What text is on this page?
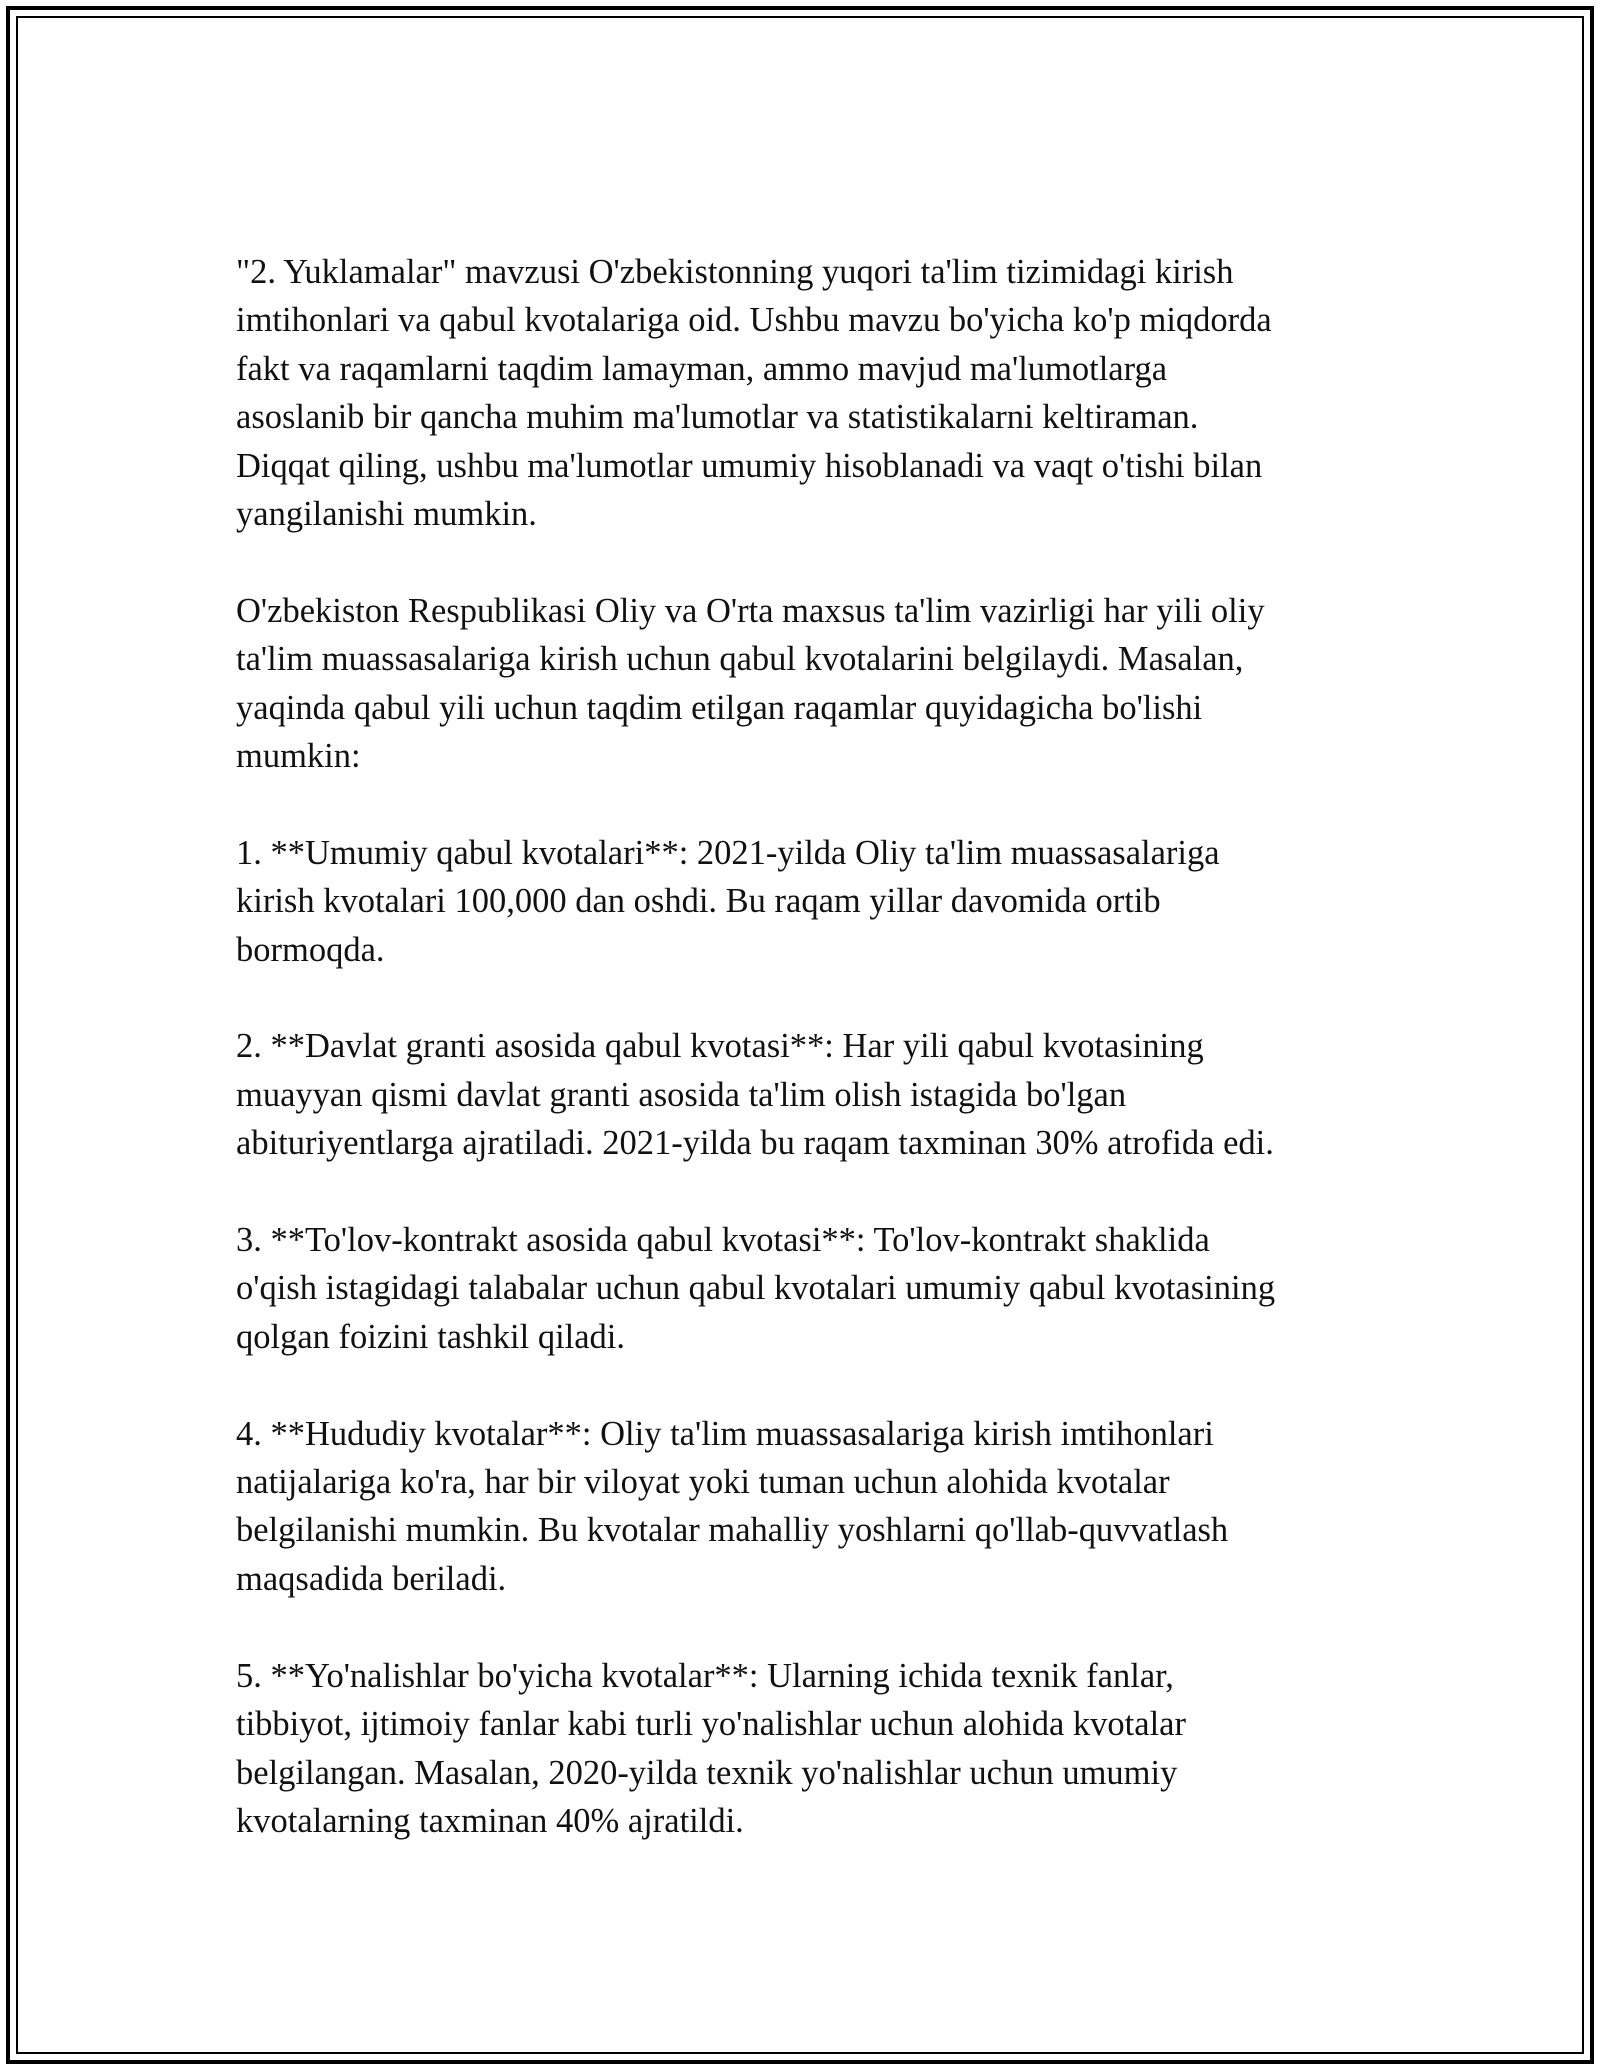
"2. Yuklamalar" mavzusi O'zbekistonning yuqori ta'lim tizimidagi kirish
imtihonlari va qabul kvotalariga oid. Ushbu mavzu bo'yicha ko'p miqdorda
fakt va raqamlarni taqdim lamayman, ammo mavjud ma'lumotlarga
asoslanib bir qancha muhim ma'lumotlar va statistikalarni keltiraman.
Diqqat qiling, ushbu ma'lumotlar umumiy hisoblanadi va vaqt o'tishi bilan
yangilanishi mumkin.

O'zbekiston Respublikasi Oliy va O'rta maxsus ta'lim vazirligi har yili oliy
ta'lim muassasalariga kirish uchun qabul kvotalarini belgilaydi. Masalan,
yaqinda qabul yili uchun taqdim etilgan raqamlar quyidagicha bo'lishi
mumkin:

1. **Umumiy qabul kvotalari**: 2021-yilda Oliy ta'lim muassasalariga
kirish kvotalari 100,000 dan oshdi. Bu raqam yillar davomida ortib
bormoqda.

2. **Davlat granti asosida qabul kvotasi**: Har yili qabul kvotasining
muayyan qismi davlat granti asosida ta'lim olish istagida bo'lgan
abituriyentlarga ajratiladi. 2021-yilda bu raqam taxminan 30% atrofida edi.

3. **To'lov-kontrakt asosida qabul kvotasi**: To'lov-kontrakt shaklida
o'qish istagidagi talabalar uchun qabul kvotalari umumiy qabul kvotasining
qolgan foizini tashkil qiladi.

4. **Hududiy kvotalar**: Oliy ta'lim muassasalariga kirish imtihonlari
natijalariga ko'ra, har bir viloyat yoki tuman uchun alohida kvotalar
belgilanishi mumkin. Bu kvotalar mahalliy yoshlarni qo'llab-quvvatlash
maqsadida beriladi.

5. **Yo'nalishlar bo'yicha kvotalar**: Ularning ichida texnik fanlar,
tibbiyot, ijtimoiy fanlar kabi turli yo'nalishlar uchun alohida kvotalar
belgilangan. Masalan, 2020-yilda texnik yo'nalishlar uchun umumiy
kvotalarning taxminan 40% ajratildi.
